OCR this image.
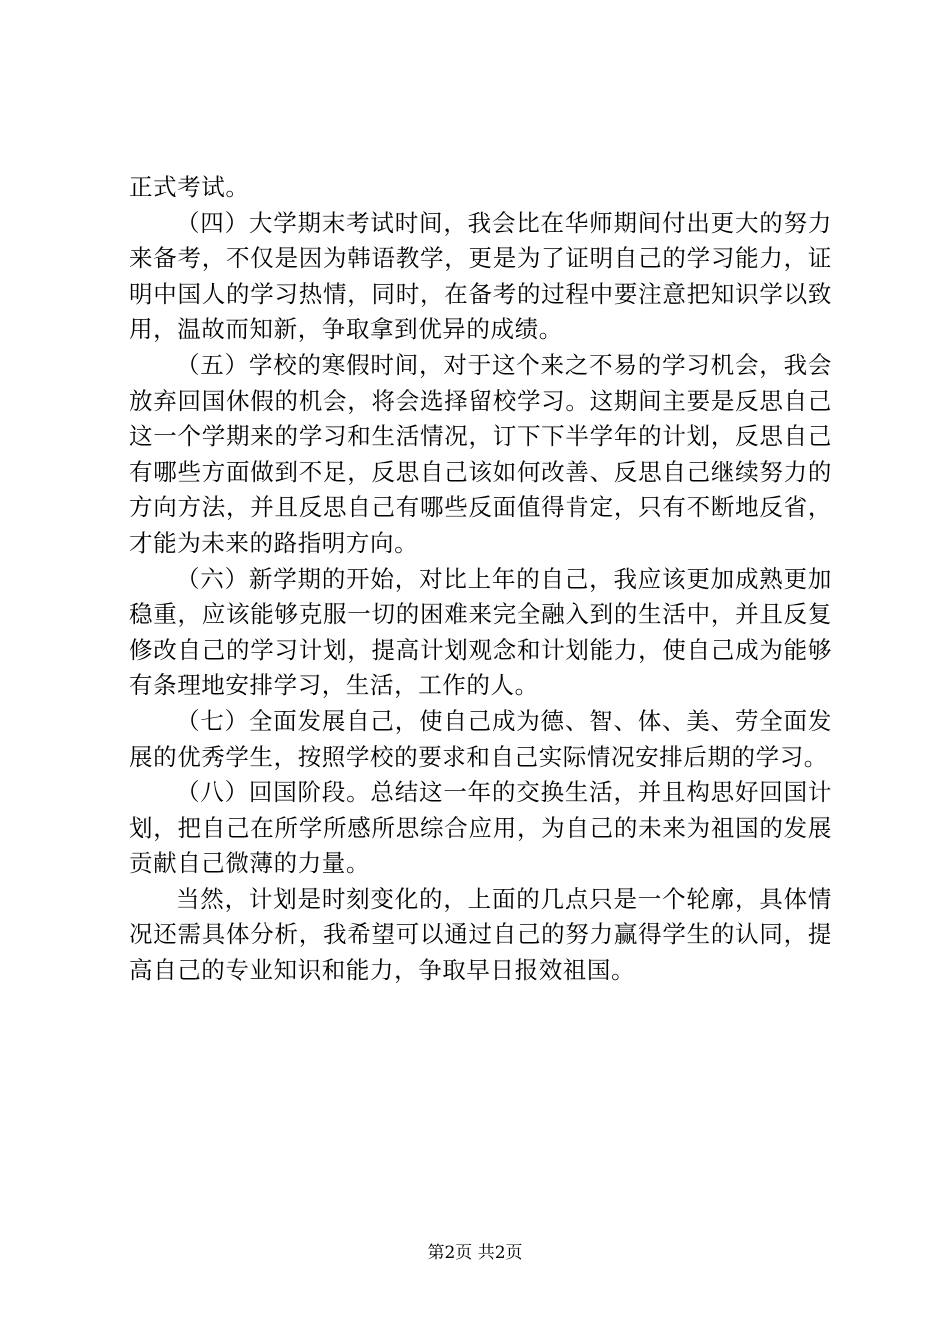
正式考试。

（四）大学期末考试时间，我会比在华师期间付出更大的努力来备考，不仅是因为韩语教学，更是为了证明自己的学习能力，证明中国人的学习热情，同时，在备考的过程中要注意把知识学以致用，温故而知新，争取拿到优异的成绩。

（五）学校的寒假时间，对于这个来之不易的学习机会，我会放弃回国休假的机会，将会选择留校学习。这期间主要是反思自己这一个学期来的学习和生活情况，订下下半学年的计划，反思自己有哪些方面做到不足，反思自己该如何改善、反思自己继续努力的方向方法，并且反思自己有哪些反面值得肯定，只有不断地反省，才能为未来的路指明方向。

（六）新学期的开始，对比上年的自己，我应该更加成熟更加稳重，应该能够克服一切的困难来完全融入到的生活中，并且反复修改自己的学习计划，提高计划观念和计划能力，使自己成为能够有条理地安排学习，生活，工作的人。

（七）全面发展自己，使自己成为德、智、体、美、劳全面发展的优秀学生，按照学校的要求和自己实际情况安排后期的学习。

（八）回国阶段。总结这一年的交换生活，并且构思好回国计划，把自己在所学所感所思综合应用，为自己的未来为祖国的发展贡献自己微薄的力量。

当然，计划是时刻变化的，上面的几点只是一个轮廓，具体情况还需具体分析，我希望可以通过自己的努力赢得学生的认同，提高自己的专业知识和能力，争取早日报效祖国。

第2页 共2页
